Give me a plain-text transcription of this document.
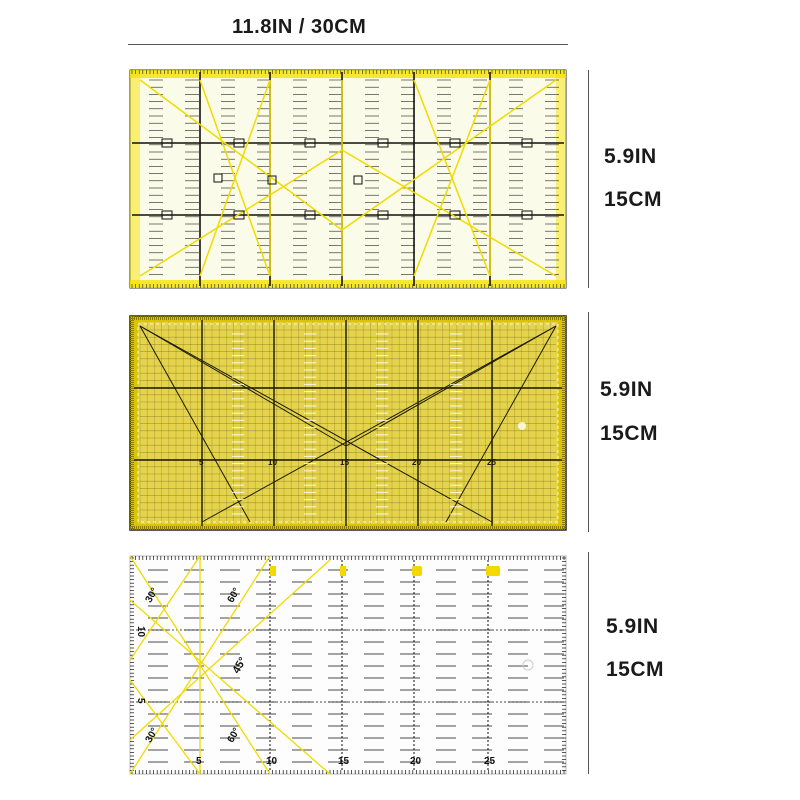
11.8IN / 30CM
5.9IN
15CM
5.9IN
15CM
5.9IN
15CM
5	10	15	20	25
5	10	15	20	25
10
5
30°	60°
45°
30°	60°
